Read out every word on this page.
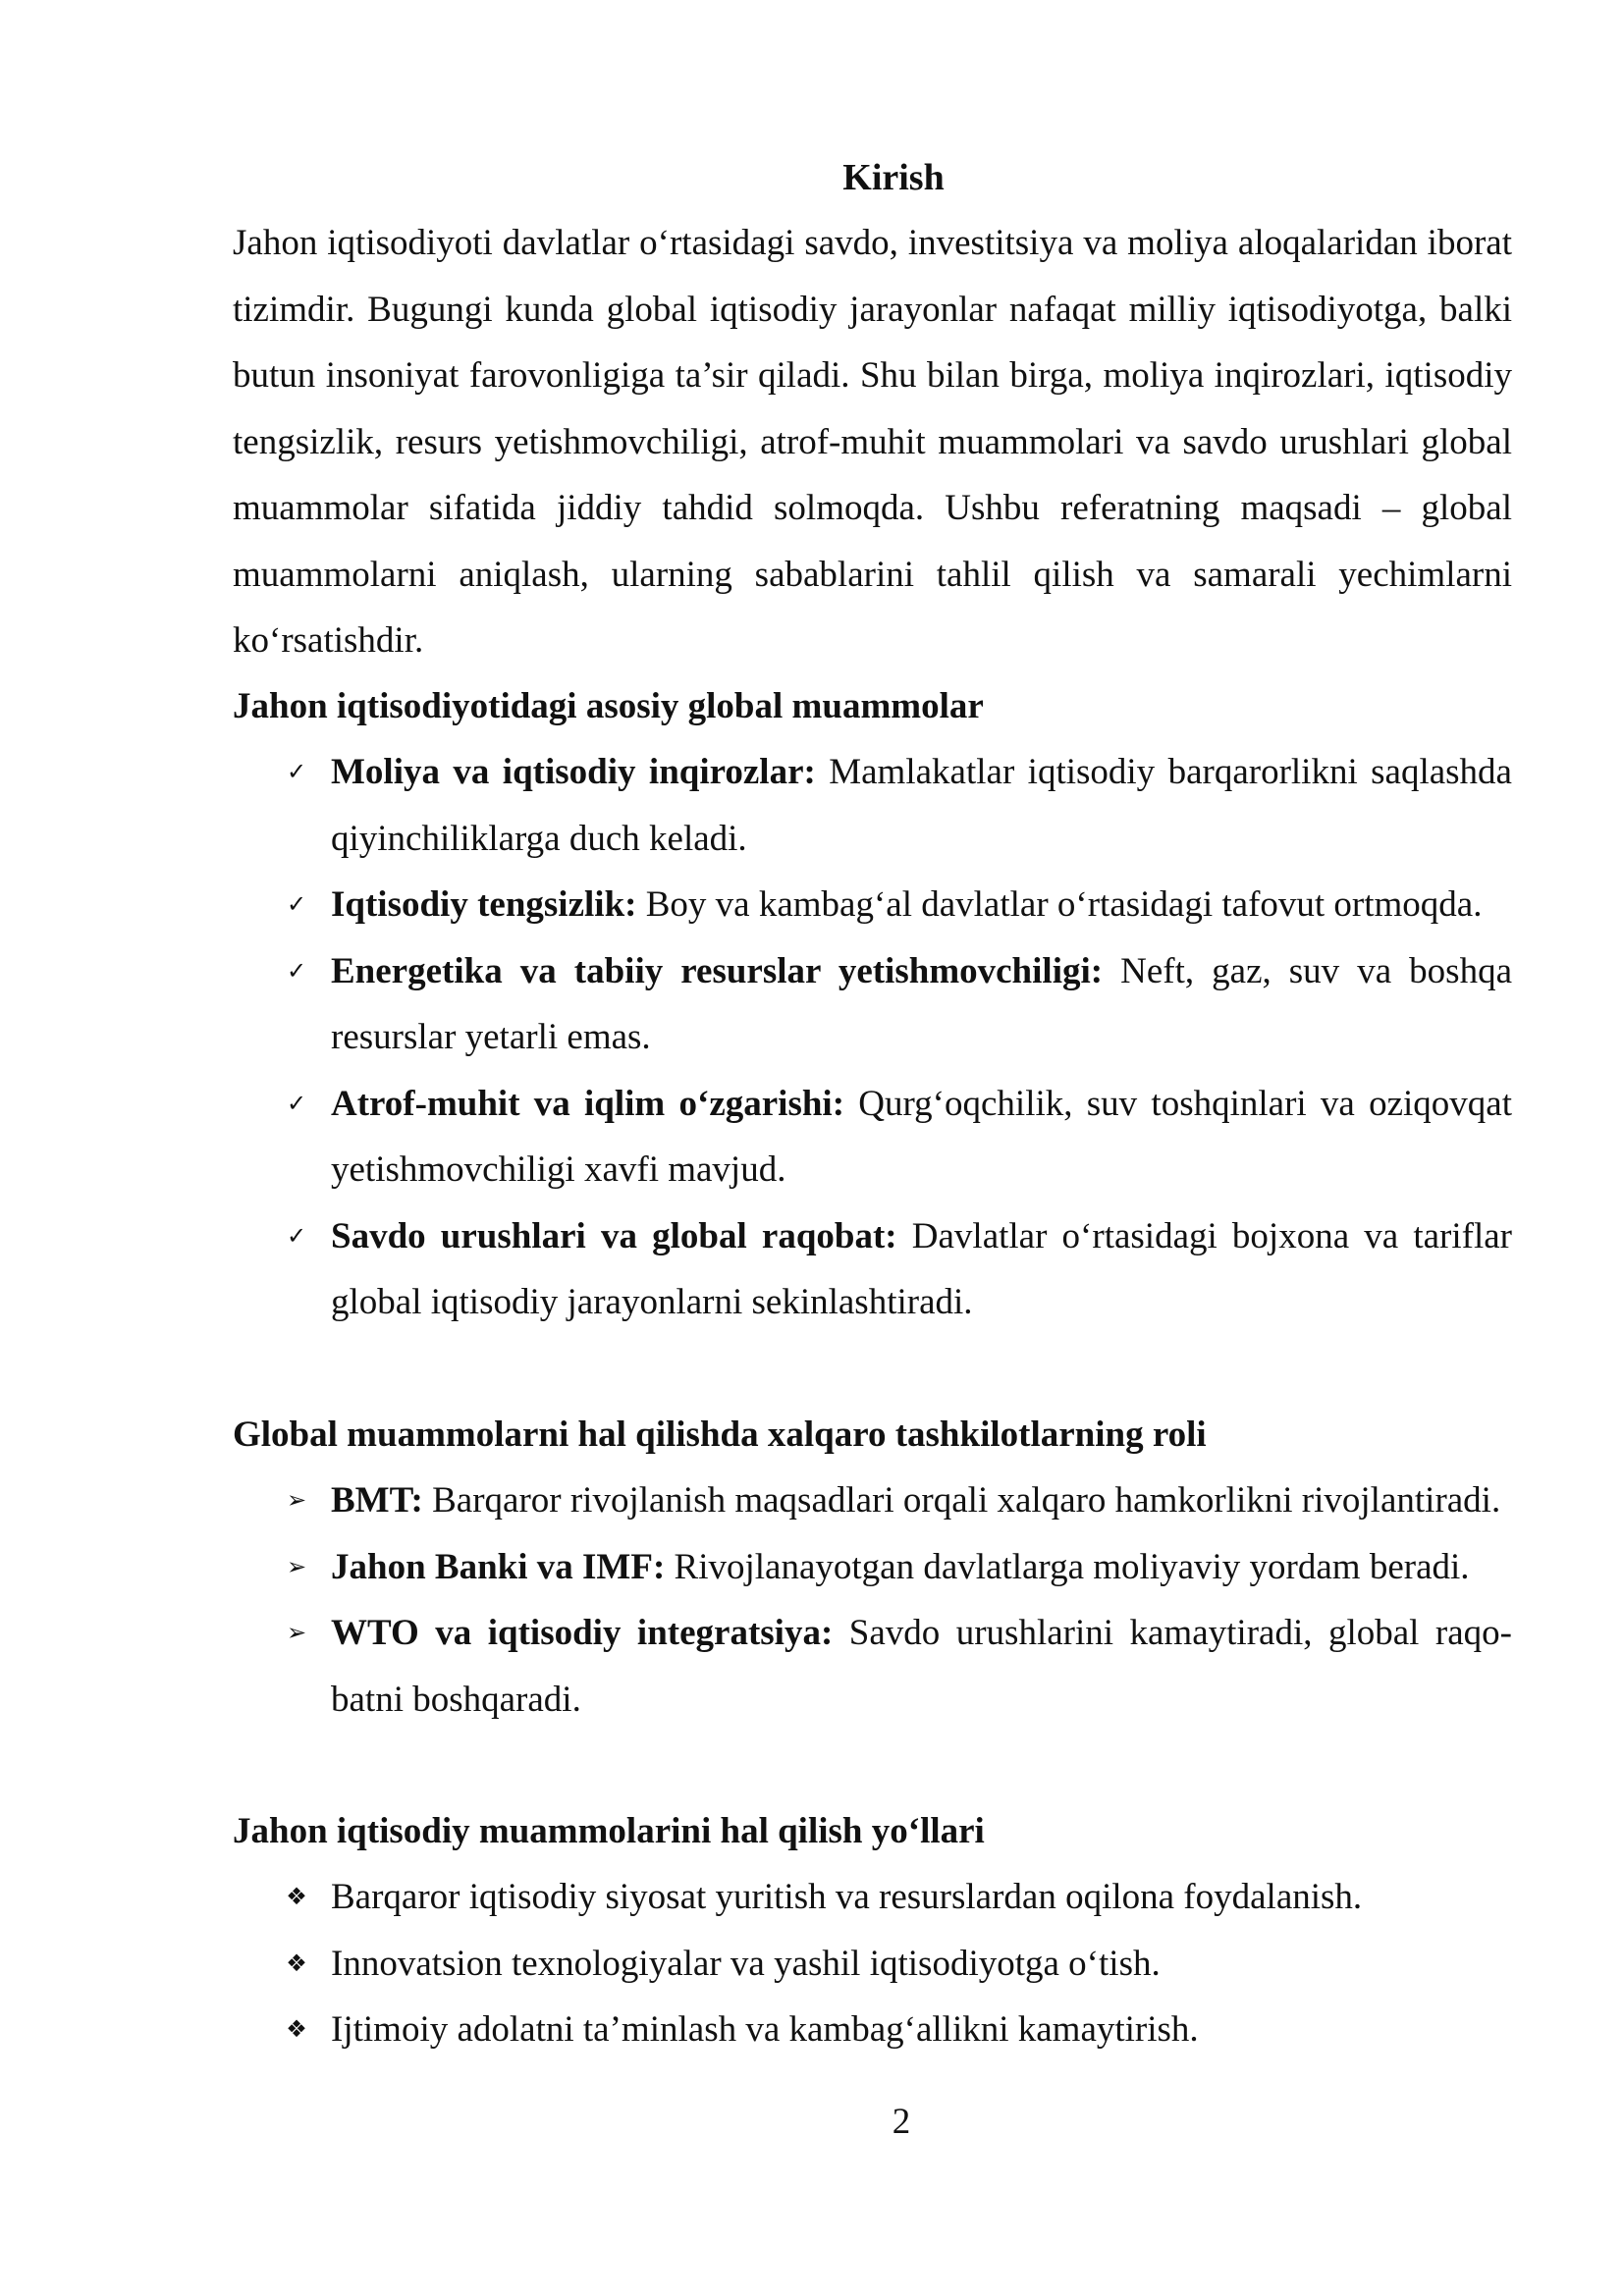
Kirish

Jahon iqtisodiyoti davlatlar o‘rtasidagi savdo, investitsiya va moliya aloqalaridan iborat tizimdir. Bugungi kunda global iqtisodiy jarayonlar nafaqat milliy iqtisodiyotga, balki butun insoniyat farovonligiga ta’sir qiladi. Shu bilan birga, moliya inqirozlari, iqtisodiy tengsizlik, resurs yetishmovchiligi, atrof-muhit muammolari va savdo urushlari global muammolar sifatida jiddiy tahdid solmoqda. Ushbu referatning maqsadi – global muammolarni aniqlash, ularning sabablarini tahlil qilish va samarali yechimlarni ko‘rsatishdir.

Jahon iqtisodiyotidagi asosiy global muammolar
✓ Moliya va iqtisodiy inqirozlar: Mamlakatlar iqtisodiy barqarorlikni saqlashda qiyinchiliklarga duch keladi.
✓ Iqtisodiy tengsizlik: Boy va kambag‘al davlatlar o‘rtasidagi tafovut ortmoqda.
✓ Energetika va tabiiy resurslar yetishmovchiligi: Neft, gaz, suv va boshqa resurslar yetarli emas.
✓ Atrof-muhit va iqlim o‘zgarishi: Qurg‘oqchilik, suv toshqinlari va oziqovqat yetishmovchiligi xavfi mavjud.
✓ Savdo urushlari va global raqobat: Davlatlar o‘rtasidagi bojxona va tariflar global iqtisodiy jarayonlarni sekinlashtiradi.
Global muammolarni hal qilishda xalqaro tashkilotlarning roli
➢ BMT: Barqaror rivojlanish maqsadlari orqali xalqaro hamkorlikni rivojlantiradi.
➢ Jahon Banki va IMF: Rivojlanayotgan davlatlarga moliyaviy yordam beradi.
➢ WTO va iqtisodiy integratsiya: Savdo urushlarini kamaytiradi, global raqobatni boshqaradi.
Jahon iqtisodiy muammolarini hal qilish yo‘llari
❖ Barqaror iqtisodiy siyosat yuritish va resurslardan oqilona foydalanish.
❖ Innovatsion texnologiyalar va yashil iqtisodiyotga o‘tish.
❖ Ijtimoiy adolatni ta’minlash va kambag‘allikni kamaytirish.

2
